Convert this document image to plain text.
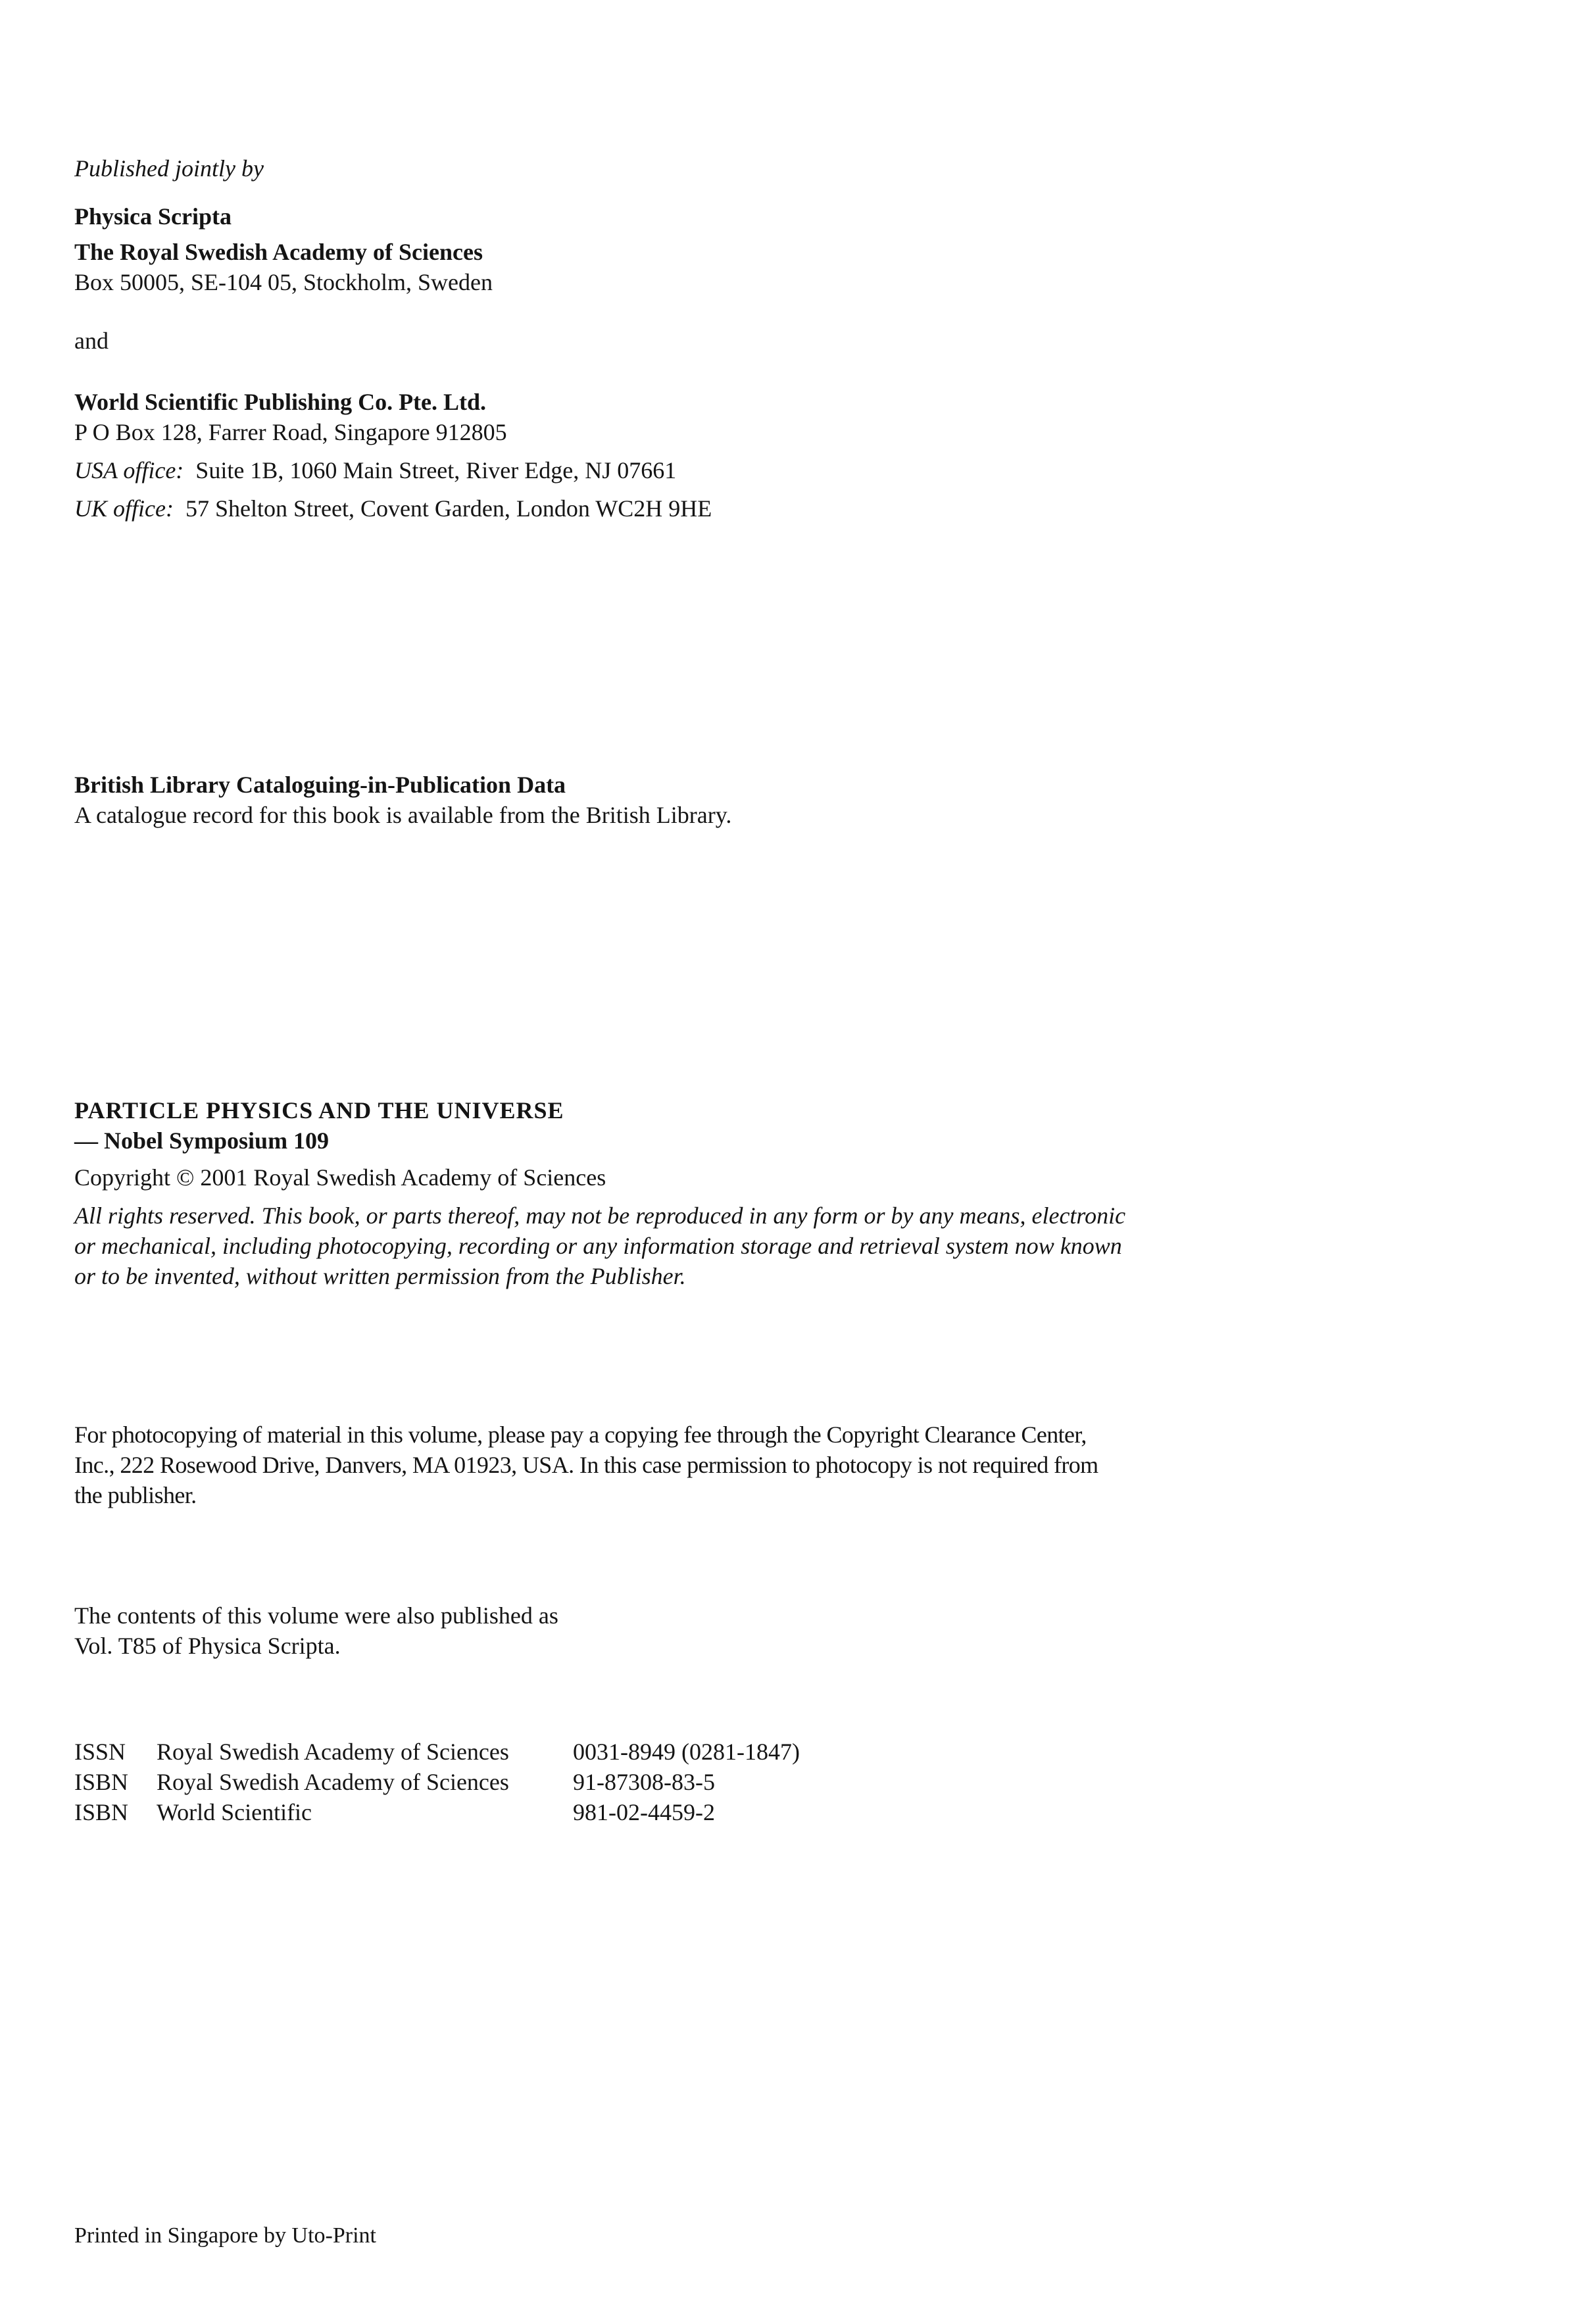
Published jointly by

Physica Scripta

The Royal Swedish Academy of Sciences

Box 50005, SE-104 05, Stockholm, Sweden

and

World Scientific Publishing Co. Pte. Ltd.

P O Box 128, Farrer Road, Singapore 912805

USA office: Suite 1B, 1060 Main Street, River Edge, NJ 07661

UK office: 57 Shelton Street, Covent Garden, London WC2H 9HE

British Library Cataloguing-in-Publication Data

A catalogue record for this book is available from the British Library.

PARTICLE PHYSICS AND THE UNIVERSE

— Nobel Symposium 109

Copyright © 2001 Royal Swedish Academy of Sciences

All rights reserved. This book, or parts thereof, may not be reproduced in any form or by any means, electronic
or mechanical, including photocopying, recording or any information storage and retrieval system now known
or to be invented, without written permission from the Publisher.
For photocopying of material in this volume, please pay a copying fee through the Copyright Clearance Center,
Inc., 222 Rosewood Drive, Danvers, MA 01923, USA. In this case permission to photocopy is not required from
the publisher.
The contents of this volume were also published as
Vol. T85 of Physica Scripta.
ISSN	Royal Swedish Academy of Sciences	0031-8949 (0281-1847)
ISBN	Royal Swedish Academy of Sciences	91-87308-83-5
ISBN	World Scientific	981-02-4459-2

Printed in Singapore by Uto-Print
